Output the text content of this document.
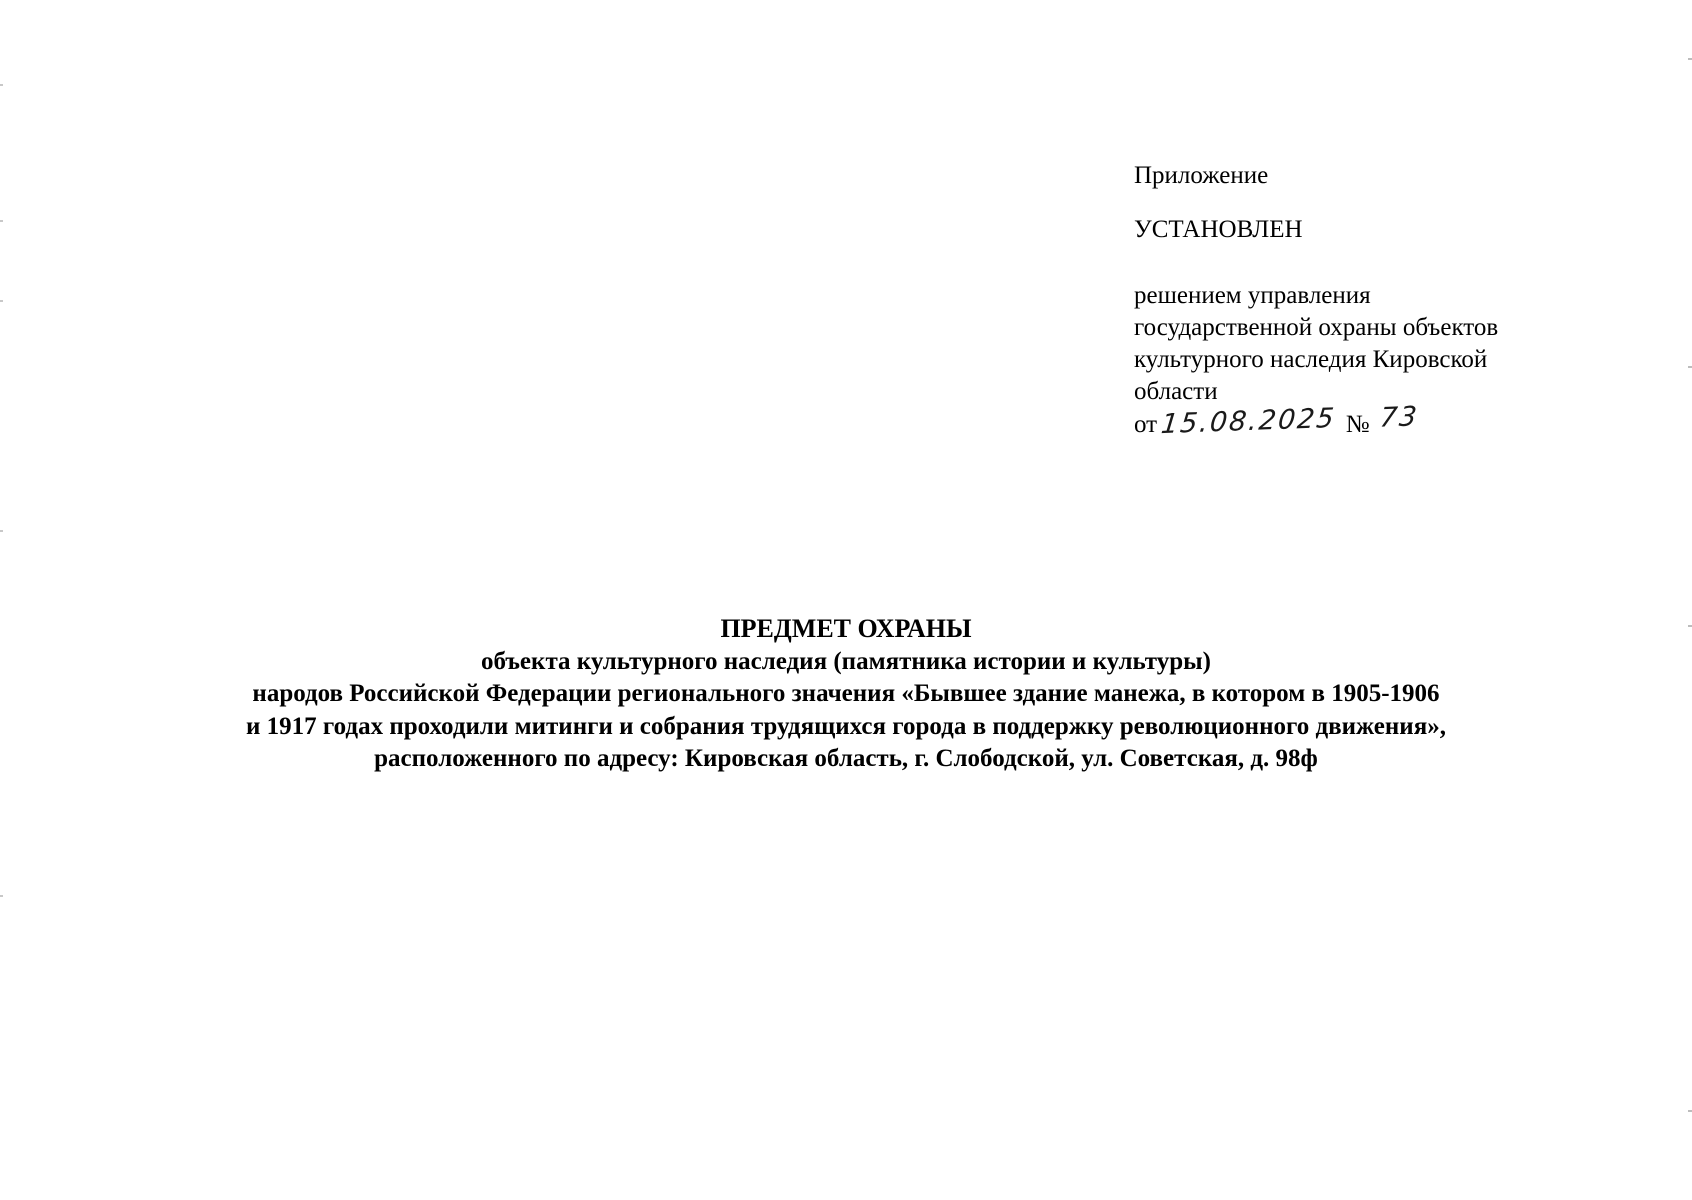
Приложение
УСТАНОВЛЕН
решением управления
государственной охраны объектов
культурного наследия Кировской
области
от15.08.2025 № 73
ПРЕДМЕТ ОХРАНЫ
объекта культурного наследия (памятника истории и культуры)
народов Российской Федерации регионального значения «Бывшее здание манежа, в котором в 1905-1906
и 1917 годах проходили митинги и собрания трудящихся города в поддержку революционного движения»,
расположенного по адресу: Кировская область, г. Слободской, ул. Советская, д. 98ф
